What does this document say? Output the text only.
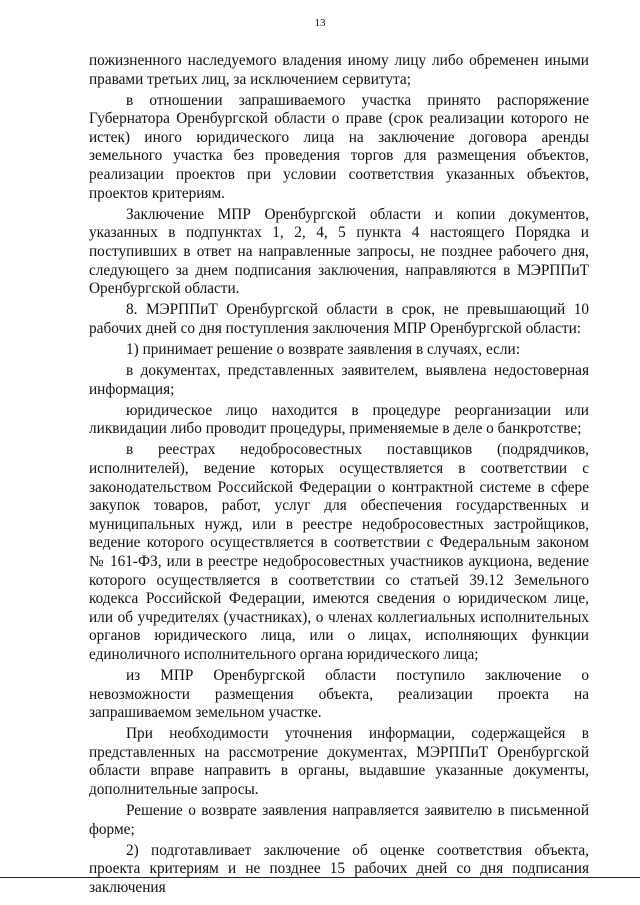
13

пожизненного наследуемого владения иному лицу либо обременен иными правами третьих лиц, за исключением сервитута;

в отношении запрашиваемого участка принято распоряжение Губернатора Оренбургской области о праве (срок реализации которого не истек) иного юридического лица на заключение договора аренды земельного участка без проведения торгов для размещения объектов, реализации проектов при условии соответствия указанных объектов, проектов критериям.

Заключение МПР Оренбургской области и копии документов, указанных в подпунктах 1, 2, 4, 5 пункта 4 настоящего Порядка и поступивших в ответ на направленные запросы, не позднее рабочего дня, следующего за днем подписания заключения, направляются в МЭРППиТ Оренбургской области.

8. МЭРППиТ Оренбургской области в срок, не превышающий 10 рабочих дней со дня поступления заключения МПР Оренбургской области:

1) принимает решение о возврате заявления в случаях, если:

в документах, представленных заявителем, выявлена недостоверная информация;

юридическое лицо находится в процедуре реорганизации или ликвидации либо проводит процедуры, применяемые в деле о банкротстве;

в реестрах недобросовестных поставщиков (подрядчиков, исполнителей), ведение которых осуществляется в соответствии с законодательством Российской Федерации о контрактной системе в сфере закупок товаров, работ, услуг для обеспечения государственных и муниципальных нужд, или в реестре недобросовестных застройщиков, ведение которого осуществляется в соответствии с Федеральным законом № 161-ФЗ, или в реестре недобросовестных участников аукциона, ведение которого осуществляется в соответствии со статьей 39.12 Земельного кодекса Российской Федерации, имеются сведения о юридическом лице, или об учредителях (участниках), о членах коллегиальных исполнительных органов юридического лица, или о лицах, исполняющих функции единоличного исполнительного органа юридического лица;

из МПР Оренбургской области поступило заключение о невозможности размещения объекта, реализации проекта на запрашиваемом земельном участке.

При необходимости уточнения информации, содержащейся в представленных на рассмотрение документах, МЭРППиТ Оренбургской области вправе направить в органы, выдавшие указанные документы, дополнительные запросы.

Решение о возврате заявления направляется заявителю в письменной форме;

2) подготавливает заключение об оценке соответствия объекта, проекта критериям и не позднее 15 рабочих дней со дня подписания заключения
